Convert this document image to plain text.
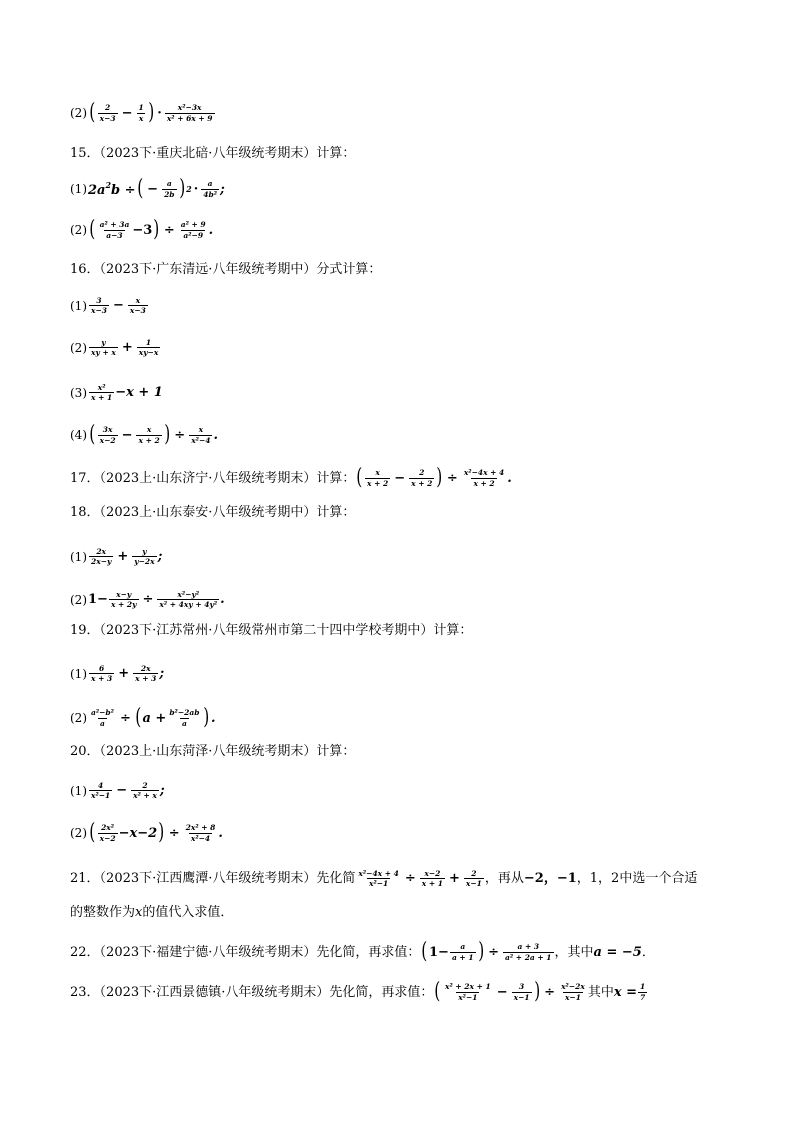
(2) ( $\frac{2}{x-3} - \frac{1}{x}$ ) · $\frac{\text{x²−3x}}{\text{x² + 6x + 9}}$
15．（2023下·重庆北碚·八年级统考期末）计算：
(1) $2a^2b$ ÷ ( − $\frac{a}{2b}$ ) $2 \cdot \frac{a}{\text{4b²}}$ ;
(2) ( $\frac{\text{a² + 3a}}{a-3} -3$ ) ÷ $\frac{\text{a² + 9}}{\text{a²−9}}$ .
16．（2023下·广东清远·八年级统考期中）分式计算：
$(1) \frac{3}{x-3} - \frac{x}{x-3}$
$(2) \frac{y}{xy + x} + \frac{1}{xy-x}$
$(3) \frac{\text{x²}}{x + 1} -x + 1$
(4) ( $\frac{3x}{x-2} - \frac{x}{x + 2}$ ) ÷ $\frac{x}{\text{x²−4}}$ .
17．（2023上·山东济宁·八年级统考期末）计算： ( $\frac{x}{x + 2} - \frac{2}{x + 2}$ ) ÷ $\frac{\text{x²−4x + 4}}{x + 2}$ .
18．（2023上·山东泰安·八年级统考期中）计算：
$(1) \frac{2x}{2x-y} + \frac{y}{y-2x}$ ;
(2) $1- \frac{x-y}{x + 2y} \div \frac{\text{x²−y²}}{\text{x² + 4xy + 4y²}}$ .
19．（2023下·江苏常州·八年级常州市第二十四中学校考期中）计算：
$(1) \frac{6}{x + 3} + \frac{2x}{x + 3}$ ;
$(2) \frac{\text{a²−b²}}{a}$ ÷ ( $a + \frac{\text{b²−2ab}}{a}$ ) .
20．（2023上·山东菏泽·八年级统考期末）计算：
$(1) \frac{4}{\text{x²−1}} - \frac{2}{\text{x² + x}}$ ;
(2) ( $\frac{\text{2x²}}{x-2} -x-2$ ) ÷ $\frac{\text{2x² + 8}}{\text{x²−4}}$ .
21．（2023下·江西鹰潭·八年级统考期末）先化简 $\frac{\text{x²−4x + 4}}{\text{x²−1}} \div \frac{x-2}{x + 1} + \frac{2}{x-1}$ ，再从 −2，−1 ，1，2中选一个合适
的整数作为 x 的值代入求值．
22．（2023下·福建宁德·八年级统考期末）先化简，再求值： ( $1- \frac{a}{a + 1}$ ) ÷ $\frac{a + 3}{\text{a² + 2a + 1}}$ ，其中 a = −5 ．
23．（2023下·江西景德镇·八年级统考期末）先化简，再求值： ( $\frac{\text{x² + 2x + 1}}{\text{x²−1}} - \frac{3}{x-1}$ ) ÷ $\frac{\text{x²−2x}}{x-1}$ 其中 $x = \frac{1}{7}$
